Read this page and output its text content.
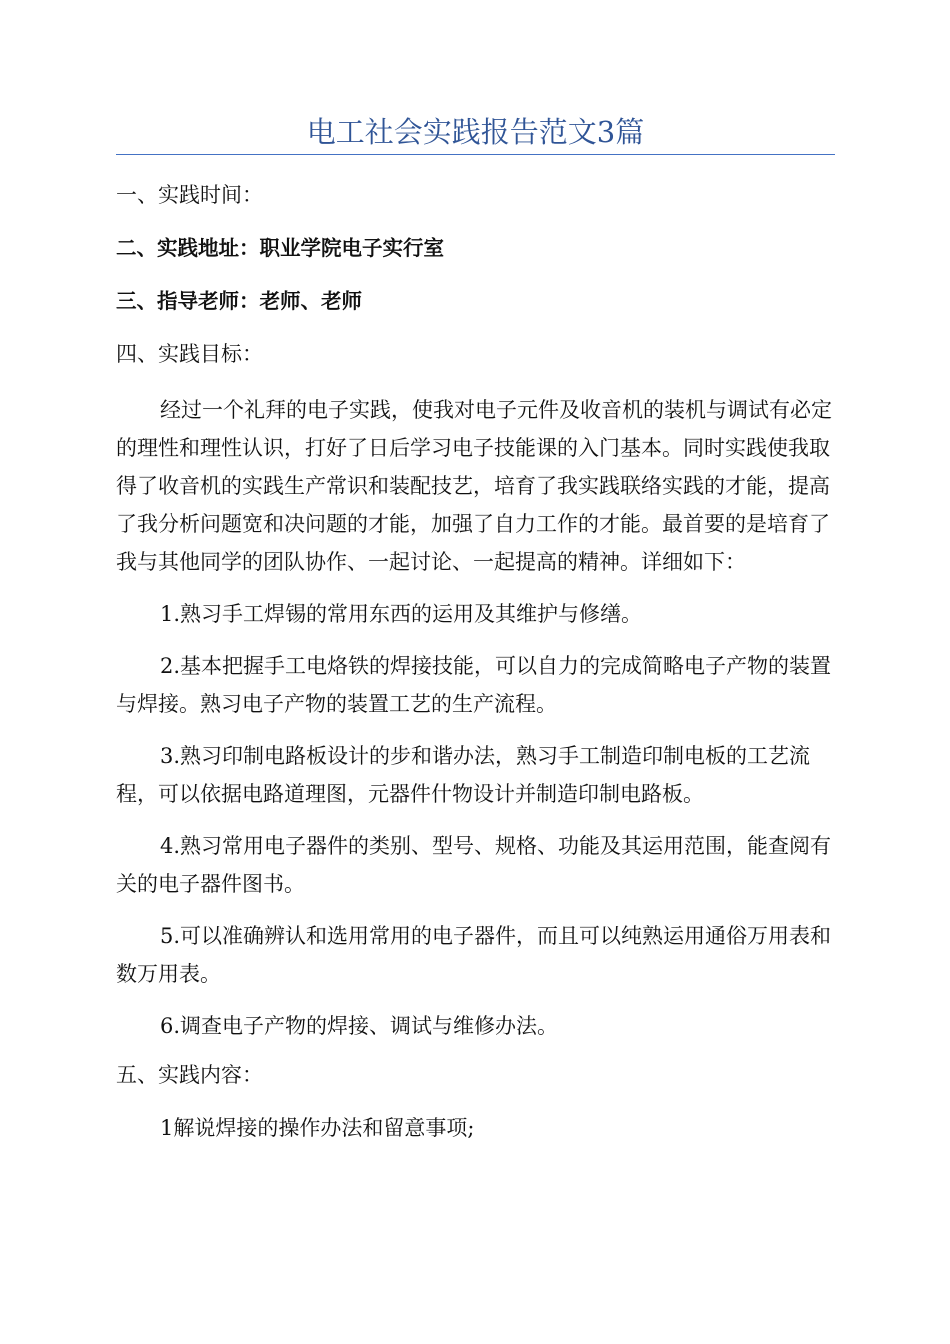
电工社会实践报告范文3篇

一、实践时间：

二、实践地址：职业学院电子实行室

三、指导老师：老师、老师

四、实践目标：

经过一个礼拜的电子实践，使我对电子元件及收音机的装机与调试有必定的理性和理性认识，打好了日后学习电子技能课的入门基本。同时实践使我取得了收音机的实践生产常识和装配技艺，培育了我实践联络实践的才能，提高了我分析问题宽和决问题的才能，加强了自力工作的才能。最首要的是培育了我与其他同学的团队协作、一起讨论、一起提高的精神。详细如下：

1.熟习手工焊锡的常用东西的运用及其维护与修缮。

2.基本把握手工电烙铁的焊接技能，可以自力的完成简略电子产物的装置与焊接。熟习电子产物的装置工艺的生产流程。

3.熟习印制电路板设计的步和谐办法，熟习手工制造印制电板的工艺流程，可以依据电路道理图，元器件什物设计并制造印制电路板。

4.熟习常用电子器件的类别、型号、规格、功能及其运用范围，能查阅有关的电子器件图书。

5.可以准确辨认和选用常用的电子器件，而且可以纯熟运用通俗万用表和数万用表。

6.调查电子产物的焊接、调试与维修办法。

五、实践内容：

1解说焊接的操作办法和留意事项;
